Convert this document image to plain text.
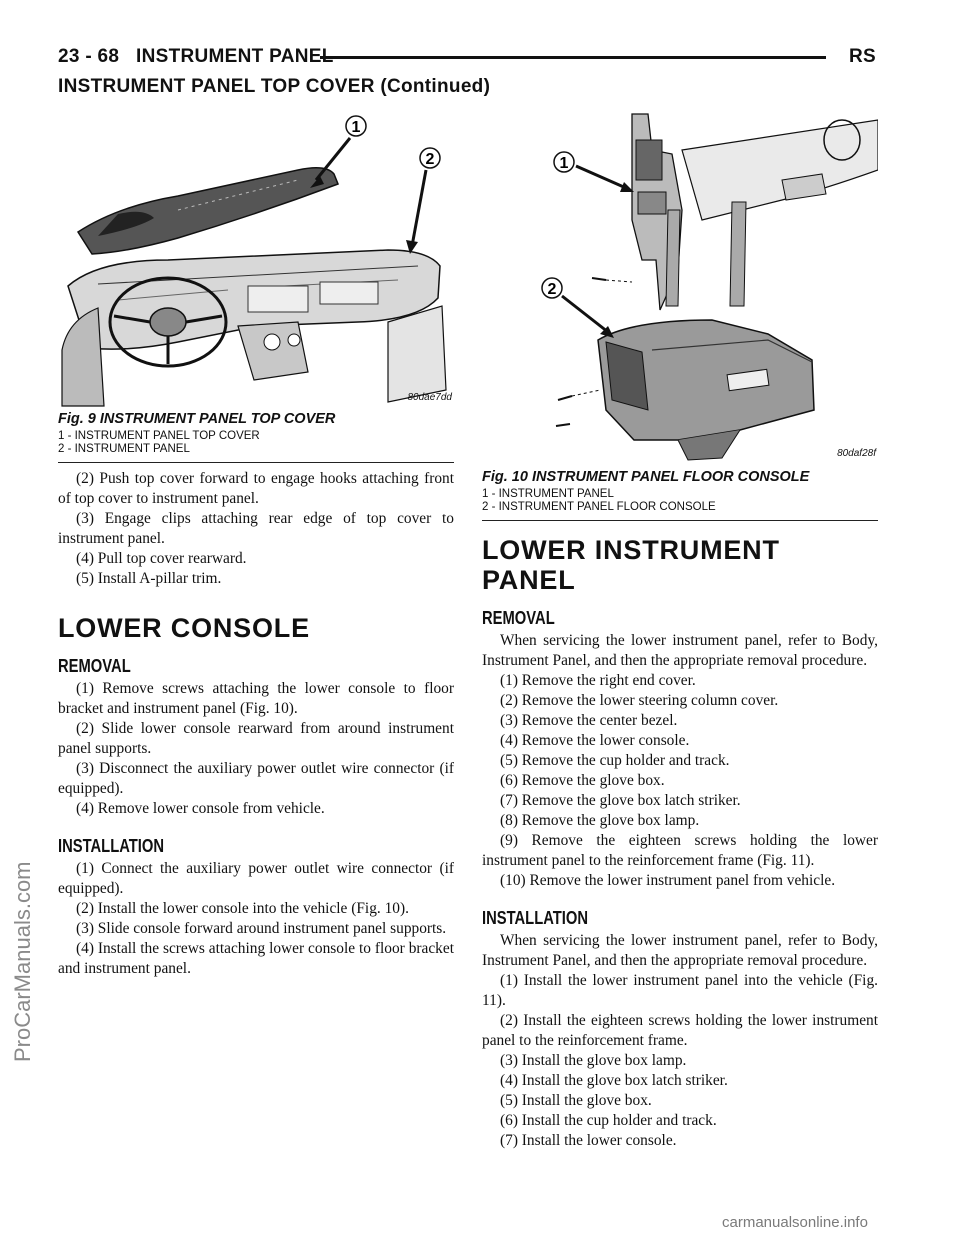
23 - 68 INSTRUMENT PANEL	RS
INSTRUMENT PANEL TOP COVER (Continued)
1
2
80dae7dd

Fig. 9 INSTRUMENT PANEL TOP COVER

1 - INSTRUMENT PANEL TOP COVER

2 - INSTRUMENT PANEL

(2) Push top cover forward to engage hooks attaching front of top cover to instrument panel.

(3) Engage clips attaching rear edge of top cover to instrument panel.

(4) Pull top cover rearward.

(5) Install A-pillar trim.

LOWER CONSOLE
REMOVAL

(1) Remove screws attaching the lower console to floor bracket and instrument panel (Fig. 10).

(2) Slide lower console rearward from around instrument panel supports.

(3) Disconnect the auxiliary power outlet wire connector (if equipped).

(4) Remove lower console from vehicle.

INSTALLATION

(1) Connect the auxiliary power outlet wire connector (if equipped).

(2) Install the lower console into the vehicle (Fig. 10).

(3) Slide console forward around instrument panel supports.

(4) Install the screws attaching lower console to floor bracket and instrument panel.

1
2
80daf28f

Fig. 10 INSTRUMENT PANEL FLOOR CONSOLE

1 - INSTRUMENT PANEL

2 - INSTRUMENT PANEL FLOOR CONSOLE

LOWER INSTRUMENT PANEL
REMOVAL

When servicing the lower instrument panel, refer to Body, Instrument Panel, and then the appropriate removal procedure.

(1) Remove the right end cover.

(2) Remove the lower steering column cover.

(3) Remove the center bezel.

(4) Remove the lower console.

(5) Remove the cup holder and track.

(6) Remove the glove box.

(7) Remove the glove box latch striker.

(8) Remove the glove box lamp.

(9) Remove the eighteen screws holding the lower instrument panel to the reinforcement frame (Fig. 11).

(10) Remove the lower instrument panel from vehicle.

INSTALLATION

When servicing the lower instrument panel, refer to Body, Instrument Panel, and then the appropriate removal procedure.

(1) Install the lower instrument panel into the vehicle (Fig. 11).

(2) Install the eighteen screws holding the lower instrument panel to the reinforcement frame.

(3) Install the glove box lamp.

(4) Install the glove box latch striker.

(5) Install the glove box.

(6) Install the cup holder and track.

(7) Install the lower console.

ProCarManuals.com
carmanualsonline.info
